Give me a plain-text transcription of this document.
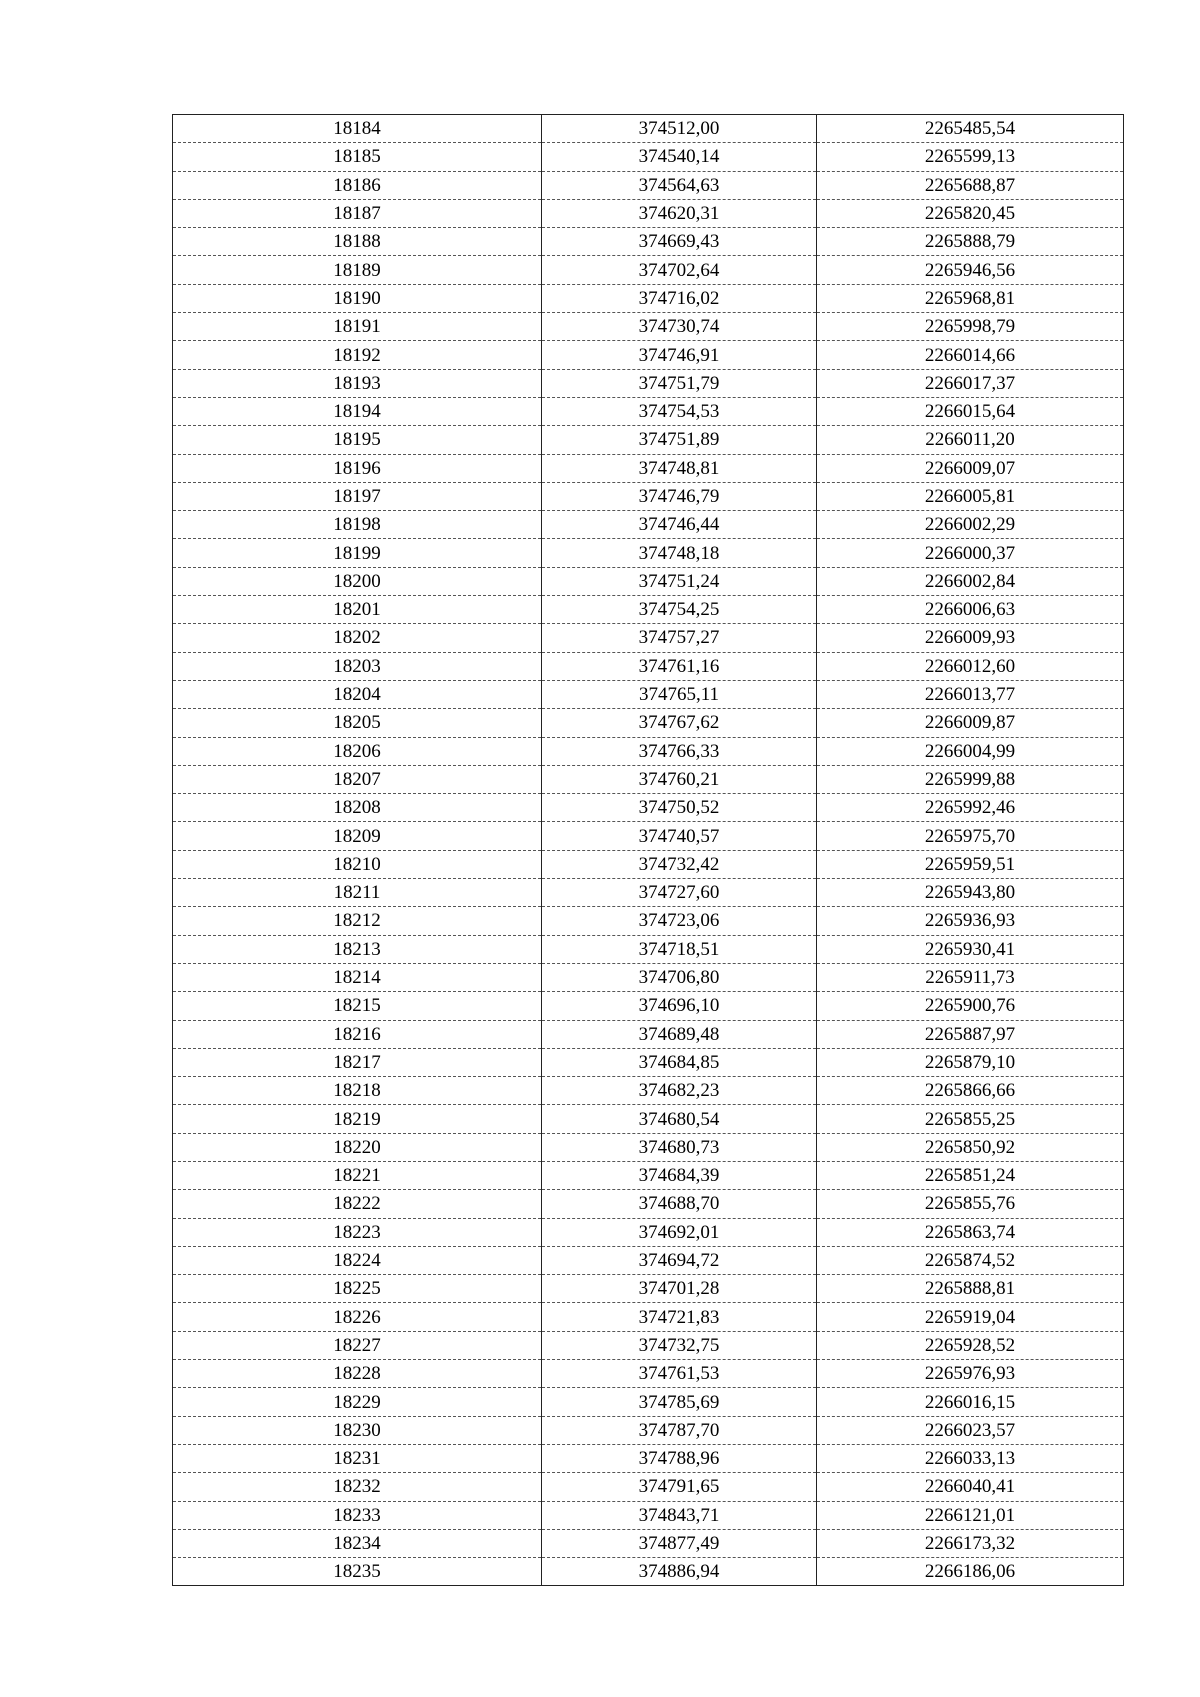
18184	374512,00	2265485,54
18185	374540,14	2265599,13
18186	374564,63	2265688,87
18187	374620,31	2265820,45
18188	374669,43	2265888,79
18189	374702,64	2265946,56
18190	374716,02	2265968,81
18191	374730,74	2265998,79
18192	374746,91	2266014,66
18193	374751,79	2266017,37
18194	374754,53	2266015,64
18195	374751,89	2266011,20
18196	374748,81	2266009,07
18197	374746,79	2266005,81
18198	374746,44	2266002,29
18199	374748,18	2266000,37
18200	374751,24	2266002,84
18201	374754,25	2266006,63
18202	374757,27	2266009,93
18203	374761,16	2266012,60
18204	374765,11	2266013,77
18205	374767,62	2266009,87
18206	374766,33	2266004,99
18207	374760,21	2265999,88
18208	374750,52	2265992,46
18209	374740,57	2265975,70
18210	374732,42	2265959,51
18211	374727,60	2265943,80
18212	374723,06	2265936,93
18213	374718,51	2265930,41
18214	374706,80	2265911,73
18215	374696,10	2265900,76
18216	374689,48	2265887,97
18217	374684,85	2265879,10
18218	374682,23	2265866,66
18219	374680,54	2265855,25
18220	374680,73	2265850,92
18221	374684,39	2265851,24
18222	374688,70	2265855,76
18223	374692,01	2265863,74
18224	374694,72	2265874,52
18225	374701,28	2265888,81
18226	374721,83	2265919,04
18227	374732,75	2265928,52
18228	374761,53	2265976,93
18229	374785,69	2266016,15
18230	374787,70	2266023,57
18231	374788,96	2266033,13
18232	374791,65	2266040,41
18233	374843,71	2266121,01
18234	374877,49	2266173,32
18235	374886,94	2266186,06
